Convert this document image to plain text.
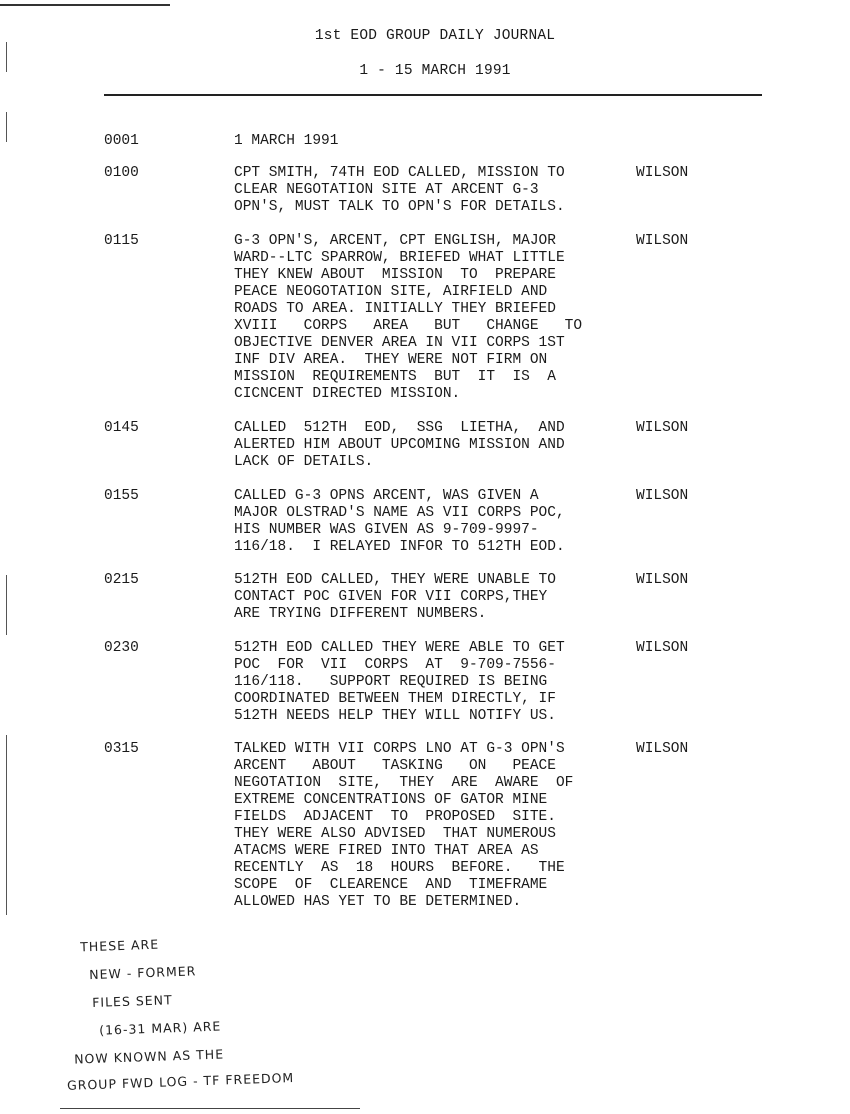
1st EOD GROUP DAILY JOURNAL
1 - 15 MARCH 1991
0001	1 MARCH 1991
0100	CPT SMITH, 74TH EOD CALLED, MISSION TO
CLEAR NEGOTATION SITE AT ARCENT G-3
OPN'S, MUST TALK TO OPN'S FOR DETAILS.
WILSON
0115	G-3 OPN'S, ARCENT, CPT ENGLISH, MAJOR
WARD--LTC SPARROW, BRIEFED WHAT LITTLE
THEY KNEW ABOUT  MISSION  TO  PREPARE
PEACE NEOGOTATION SITE, AIRFIELD AND
ROADS TO AREA. INITIALLY THEY BRIEFED
XVIII   CORPS   AREA   BUT   CHANGE   TO
OBJECTIVE DENVER AREA IN VII CORPS 1ST
INF DIV AREA.  THEY WERE NOT FIRM ON
MISSION  REQUIREMENTS  BUT  IT  IS  A
CICNCENT DIRECTED MISSION.
WILSON
0145	CALLED  512TH  EOD,  SSG  LIETHA,  AND
ALERTED HIM ABOUT UPCOMING MISSION AND
LACK OF DETAILS.
WILSON
0155	CALLED G-3 OPNS ARCENT, WAS GIVEN A
MAJOR OLSTRAD'S NAME AS VII CORPS POC,
HIS NUMBER WAS GIVEN AS 9-709-9997-
116/18.  I RELAYED INFOR TO 512TH EOD.
WILSON
0215	512TH EOD CALLED, THEY WERE UNABLE TO
CONTACT POC GIVEN FOR VII CORPS,THEY
ARE TRYING DIFFERENT NUMBERS.
WILSON
0230	512TH EOD CALLED THEY WERE ABLE TO GET
POC  FOR  VII  CORPS  AT  9-709-7556-
116/118.   SUPPORT REQUIRED IS BEING
COORDINATED BETWEEN THEM DIRECTLY, IF
512TH NEEDS HELP THEY WILL NOTIFY US.
WILSON
0315	TALKED WITH VII CORPS LNO AT G-3 OPN'S
ARCENT   ABOUT   TASKING   ON   PEACE
NEGOTATION  SITE,  THEY  ARE  AWARE  OF
EXTREME CONCENTRATIONS OF GATOR MINE
FIELDS  ADJACENT  TO  PROPOSED  SITE.
THEY WERE ALSO ADVISED  THAT NUMEROUS
ATACMS WERE FIRED INTO THAT AREA AS
RECENTLY  AS  18  HOURS  BEFORE.   THE
SCOPE  OF  CLEARENCE  AND  TIMEFRAME
ALLOWED HAS YET TO BE DETERMINED.
WILSON
THESE ARE
NEW - FORMER
FILES SENT
(16-31 MAR) ARE
NOW KNOWN AS THE
GROUP FWD LOG - TF FREEDOM
